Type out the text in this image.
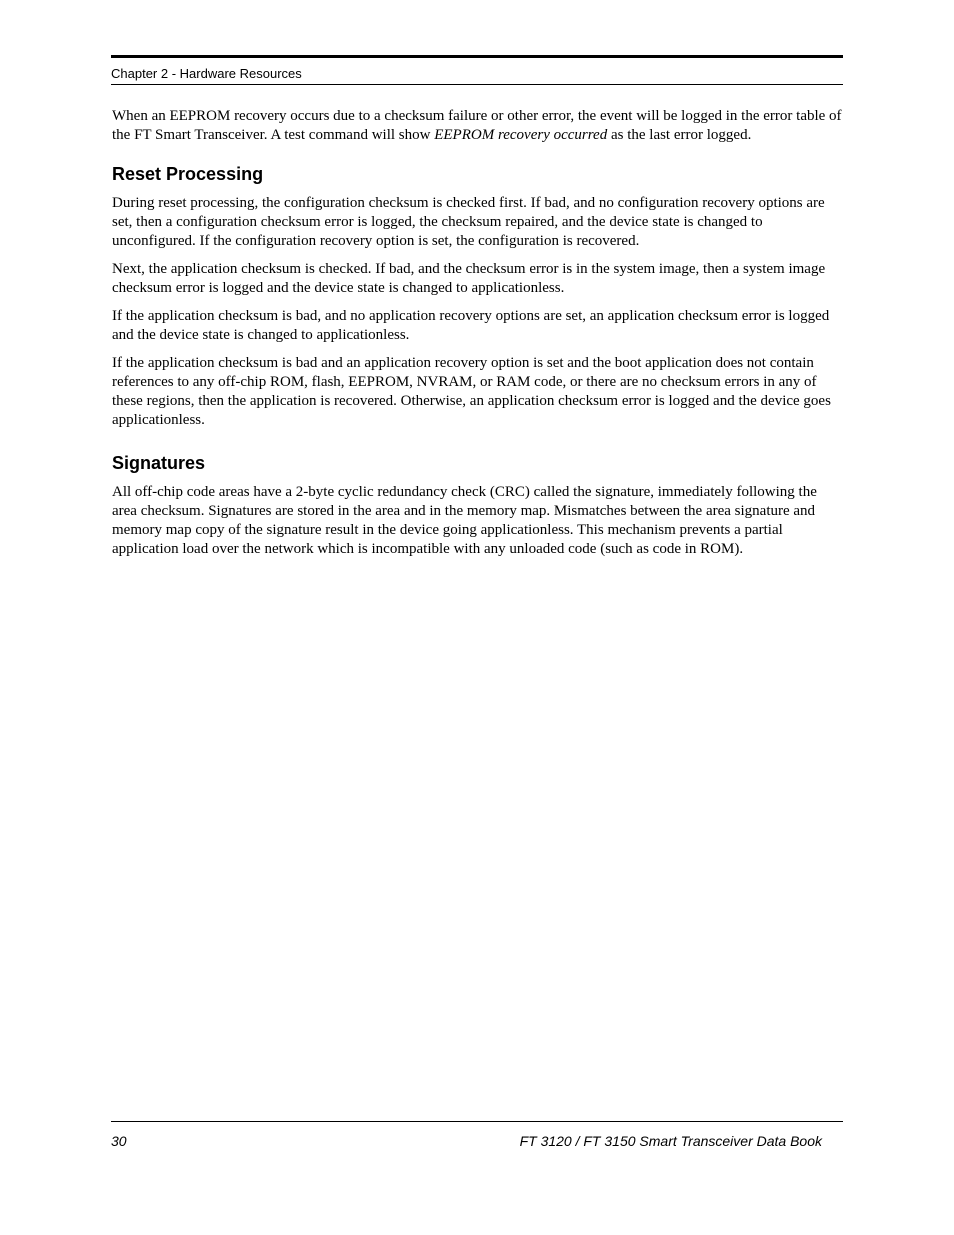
Chapter 2 - Hardware Resources

When an EEPROM recovery occurs due to a checksum failure or other error, the event will be logged in the error table of the FT Smart Transceiver. A test command will show EEPROM recovery occurred as the last error logged.

Reset Processing

During reset processing, the configuration checksum is checked first. If bad, and no configuration recovery options are set, then a configuration checksum error is logged, the checksum repaired, and the device state is changed to unconfigured. If the configuration recovery option is set, the configuration is recovered.

Next, the application checksum is checked. If bad, and the checksum error is in the system image, then a system image checksum error is logged and the device state is changed to applicationless.

If the application checksum is bad, and no application recovery options are set, an application checksum error is logged and the device state is changed to applicationless.

If the application checksum is bad and an application recovery option is set and the boot application does not contain references to any off-chip ROM, flash, EEPROM, NVRAM, or RAM code, or there are no checksum errors in any of these regions, then the application is recovered. Otherwise, an application checksum error is logged and the device goes applicationless.

Signatures

All off-chip code areas have a 2-byte cyclic redundancy check (CRC) called the signature, immediately following the area checksum. Signatures are stored in the area and in the memory map. Mismatches between the area signature and memory map copy of the signature result in the device going applicationless. This mechanism prevents a partial application load over the network which is incompatible with any unloaded code (such as code in ROM).

30	FT 3120 / FT 3150 Smart Transceiver Data Book
